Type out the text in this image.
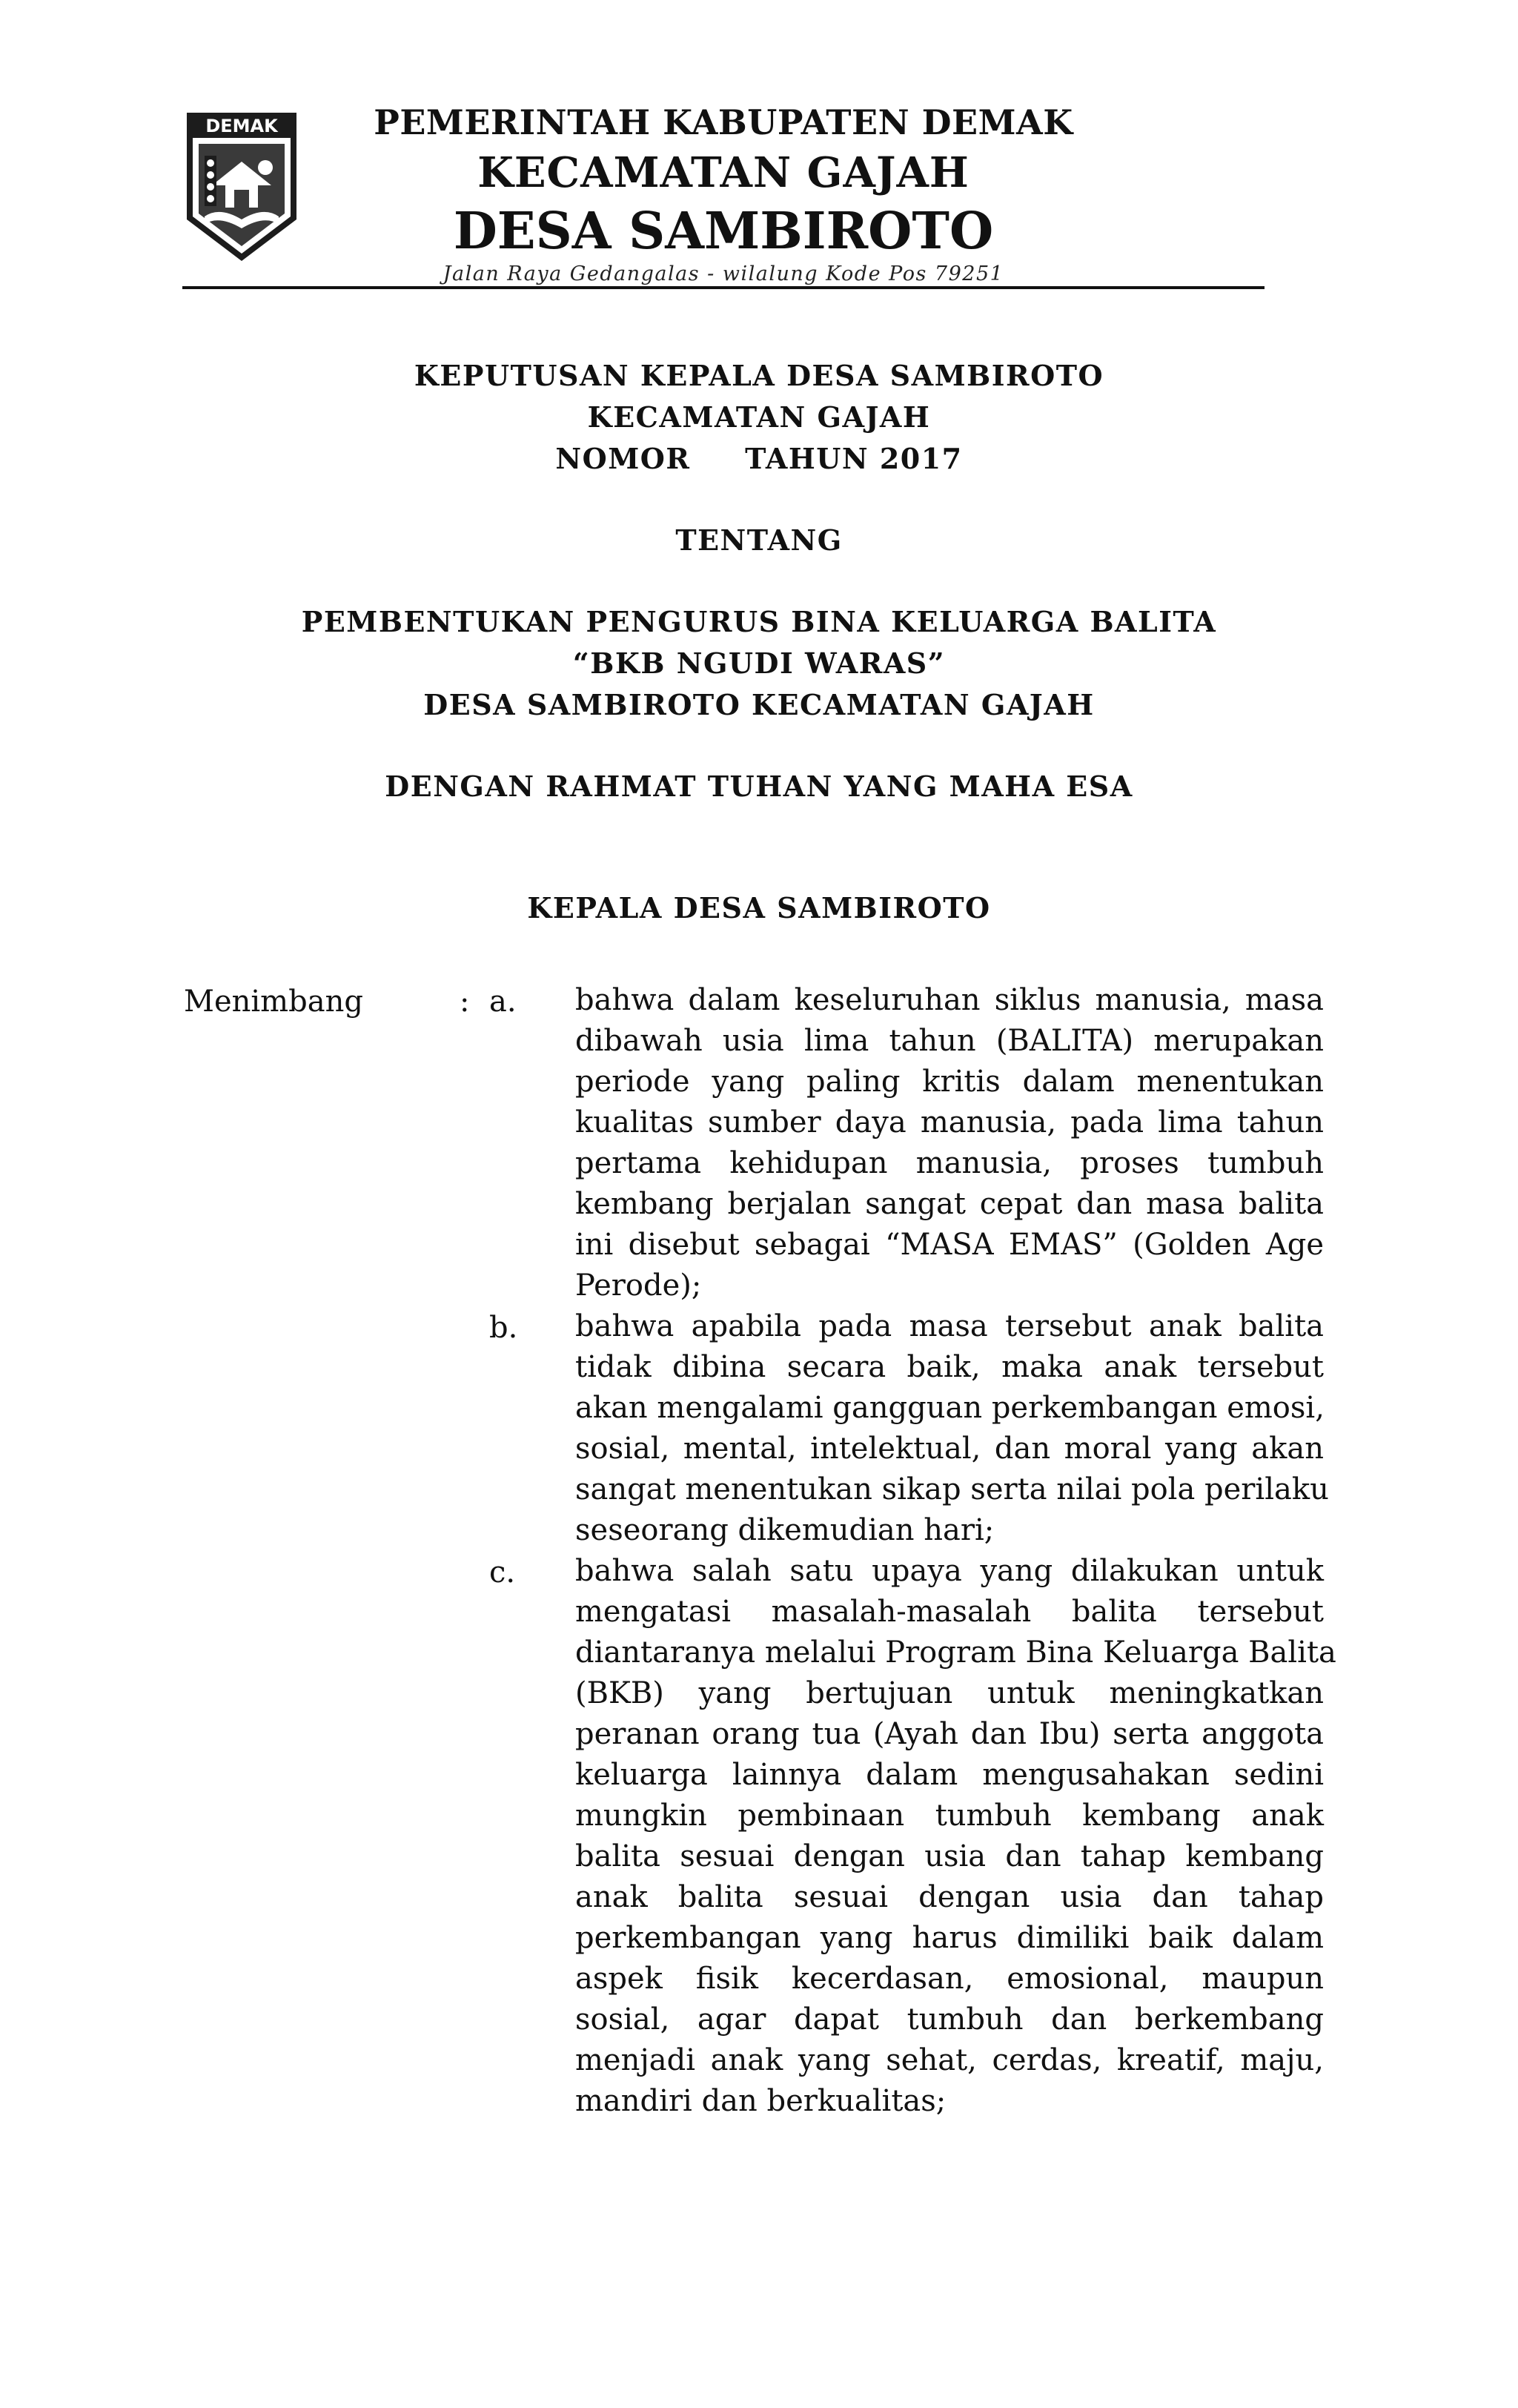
DEMAK	PEMERINTAH KABUPATEN DEMAK
KECAMATAN GAJAH
DESA SAMBIROTO
Jalan Raya Gedangalas - wilalung Kode Pos 79251
KEPUTUSAN KEPALA DESA SAMBIROTO
KECAMATAN GAJAH
NOMOR     TAHUN 2017
TENTANG
PEMBENTUKAN PENGURUS BINA KELUARGA BALITA
“BKB NGUDI WARAS”
DESA SAMBIROTO KECAMATAN GAJAH
DENGAN RAHMAT TUHAN YANG MAHA ESA
KEPALA DESA SAMBIROTO
Menimbang	: a. bahwa dalam keseluruhan siklus manusia, masa
dibawah usia lima tahun (BALITA) merupakan
periode yang paling kritis dalam menentukan
kualitas sumber daya manusia, pada lima tahun
pertama kehidupan manusia, proses tumbuh
kembang berjalan sangat cepat dan masa balita
ini disebut sebagai “MASA EMAS” (Golden Age
Perode);
b. bahwa apabila pada masa tersebut anak balita
tidak dibina secara baik, maka anak tersebut
akan mengalami gangguan perkembangan emosi,
sosial, mental, intelektual, dan moral yang akan
sangat menentukan sikap serta nilai pola perilaku
seseorang dikemudian hari;
c. bahwa salah satu upaya yang dilakukan untuk
mengatasi masalah-masalah balita tersebut
diantaranya melalui Program Bina Keluarga Balita
(BKB) yang bertujuan untuk meningkatkan
peranan orang tua (Ayah dan Ibu) serta anggota
keluarga lainnya dalam mengusahakan sedini
mungkin pembinaan tumbuh kembang anak
balita sesuai dengan usia dan tahap kembang
anak balita sesuai dengan usia dan tahap
perkembangan yang harus dimiliki baik dalam
aspek fisik kecerdasan, emosional, maupun
sosial, agar dapat tumbuh dan berkembang
menjadi anak yang sehat, cerdas, kreatif, maju,
mandiri dan berkualitas;
